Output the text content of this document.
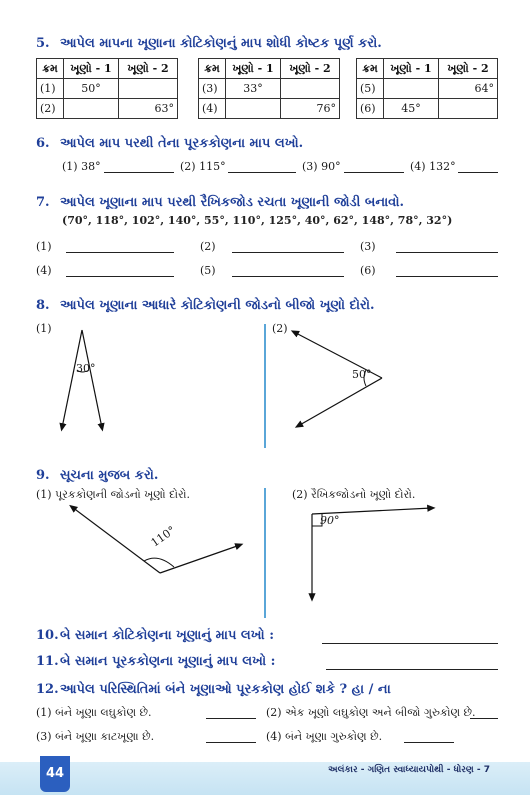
5. આપેલ માપના ખૂણાના કોટિકોણનું માપ શોધી કોષ્ટક પૂર્ણ કરો.
ક્રમ	ખૂણો - 1	ખૂણો - 2
(1)	50°	
(2)		63°
ક્રમ	ખૂણો - 1	ખૂણો - 2
(3)	33°	
(4)		76°
ક્રમ	ખૂણો - 1	ખૂણો - 2
(5)		64°
(6)	45°	
6. આપેલ માપ પરથી તેના પૂરકકોણના માપ લખો.
(1) 38°	(2) 115°	(3) 90°	(4) 132°
7. આપેલ ખૂણાના માપ પરથી રૈખિકજોડ રચતા ખૂણાની જોડી બનાવો.
(70°, 118°, 102°, 140°, 55°, 110°, 125°, 40°, 62°, 148°, 78°, 32°)
(1)	(2)	(3)
(4)	(5)	(6)
8. આપેલ ખૂણાના આધારે કોટિકોણની જોડનો બીજો ખૂણો દોરો.
(1)
30°
(2)
50°
9. સૂચના મુજબ કરો.
(1) પૂરકકોણની જોડનો ખૂણો દોરો.	(2) રૈખિકજોડનો ખૂણો દોરો.
110°
90°
10.બે સમાન કોટિકોણના ખૂણાનું માપ લખો :
11.બે સમાન પૂરકકોણના ખૂણાનું માપ લખો :
12.આપેલ પરિસ્થિતિમાં બંને ખૂણાઓ પૂરકકોણ હોઈ શકે ? હા / ના
(1) બંને ખૂણા લઘુકોણ છે.	(2) એક ખૂણો લઘુકોણ અને બીજો ગુરુકોણ છે.
(3) બંને ખૂણા કાટખૂણા છે.	(4) બંને ખૂણા ગુરુકોણ છે.
44	અલંકાર - ગણિત સ્વાધ્યાયપોથી - ધોરણ - 7
